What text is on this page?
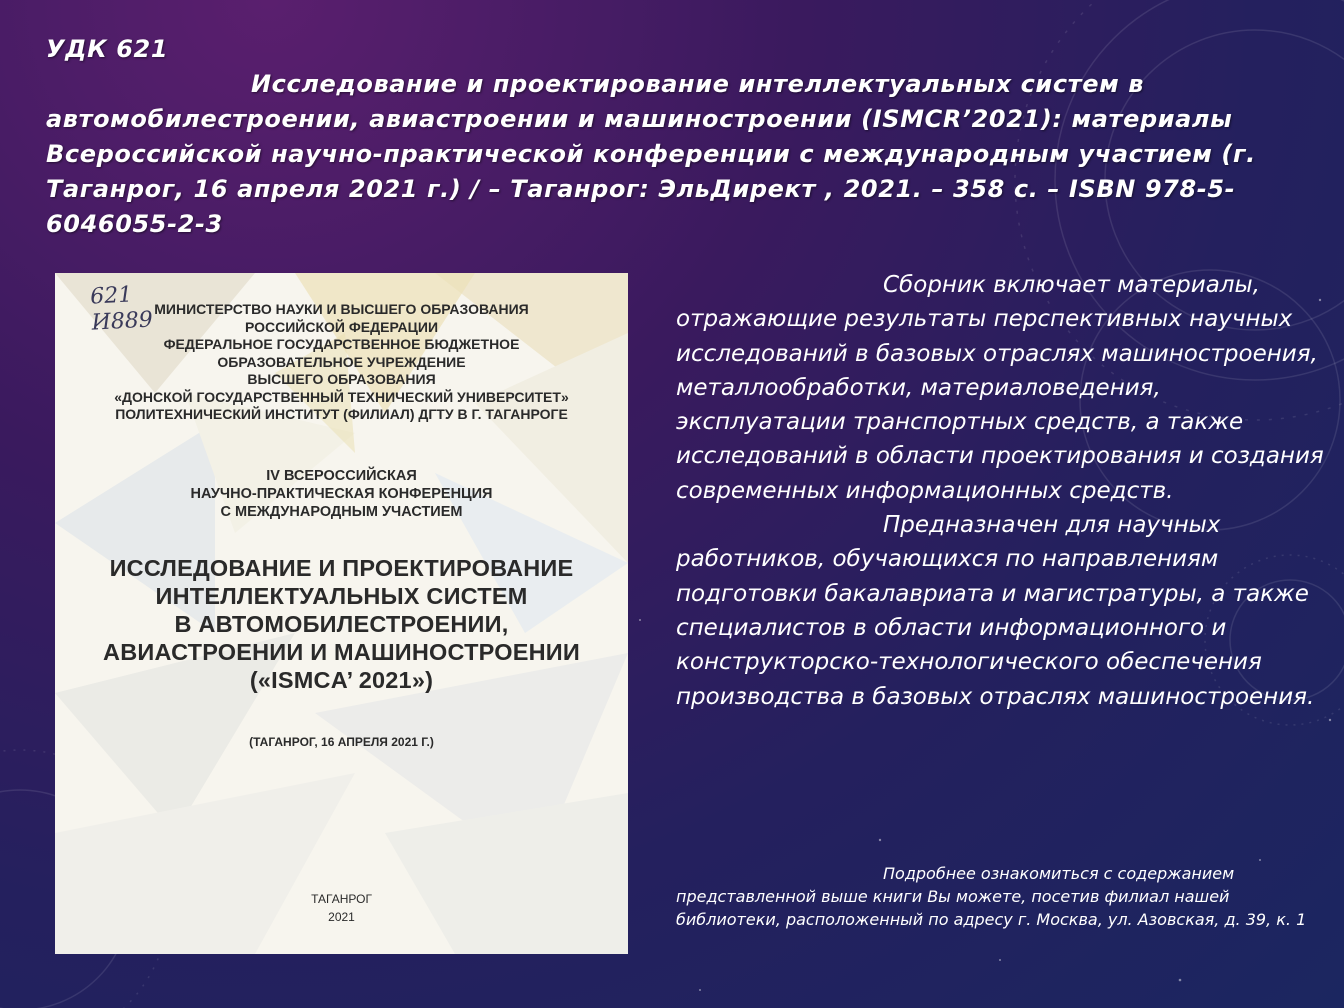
УДК 621
Исследование и проектирование интеллектуальных систем в автомобилестроении, авиастроении и машиностроении (ISMCR’2021): материалы Всероссийской научно-практической конференции с международным участием (г. Таганрог, 16 апреля 2021 г.) / – Таганрог: ЭльДирект , 2021. – 358 с. – ISBN 978-5-6046055-2-3
621
И889 МИНИСТЕРСТВО НАУКИ И ВЫСШЕГО ОБРАЗОВАНИЯ
РОССИЙСКОЙ ФЕДЕРАЦИИ
ФЕДЕРАЛЬНОЕ ГОСУДАРСТВЕННОЕ БЮДЖЕТНОЕ
ОБРАЗОВАТЕЛЬНОЕ УЧРЕЖДЕНИЕ
ВЫСШЕГО ОБРАЗОВАНИЯ
«ДОНСКОЙ ГОСУДАРСТВЕННЫЙ ТЕХНИЧЕСКИЙ УНИВЕРСИТЕТ»
ПОЛИТЕХНИЧЕСКИЙ ИНСТИТУТ (ФИЛИАЛ) ДГТУ В Г. ТАГАНРОГЕ
IV ВСЕРОССИЙСКАЯ
НАУЧНО-ПРАКТИЧЕСКАЯ КОНФЕРЕНЦИЯ
С МЕЖДУНАРОДНЫМ УЧАСТИЕМ
ИССЛЕДОВАНИЕ И ПРОЕКТИРОВАНИЕ
ИНТЕЛЛЕКТУАЛЬНЫХ СИСТЕМ
В АВТОМОБИЛЕСТРОЕНИИ,
АВИАСТРОЕНИИ И МАШИНОСТРОЕНИИ
(«ISMCA’ 2021»)
(ТАГАНРОГ, 16 АПРЕЛЯ 2021 Г.)
ТАГАНРОГ
2021

Сборник включает материалы, отражающие результаты перспективных научных исследований в базовых отраслях машиностроения, металлообработки, материаловедения, эксплуатации транспортных средств, а также исследований в области проектирования и создания современных информационных средств.

Предназначен для научных работников, обучающихся по направлениям подготовки бакалавриата и магистратуры, а также специалистов в области информационного и конструкторско-технологического обеспечения производства в базовых отраслях машиностроения.

Подробнее ознакомиться с содержанием представленной выше книги Вы можете, посетив филиал нашей библиотеки, расположенный по адресу г. Москва, ул. Азовская, д. 39, к. 1
